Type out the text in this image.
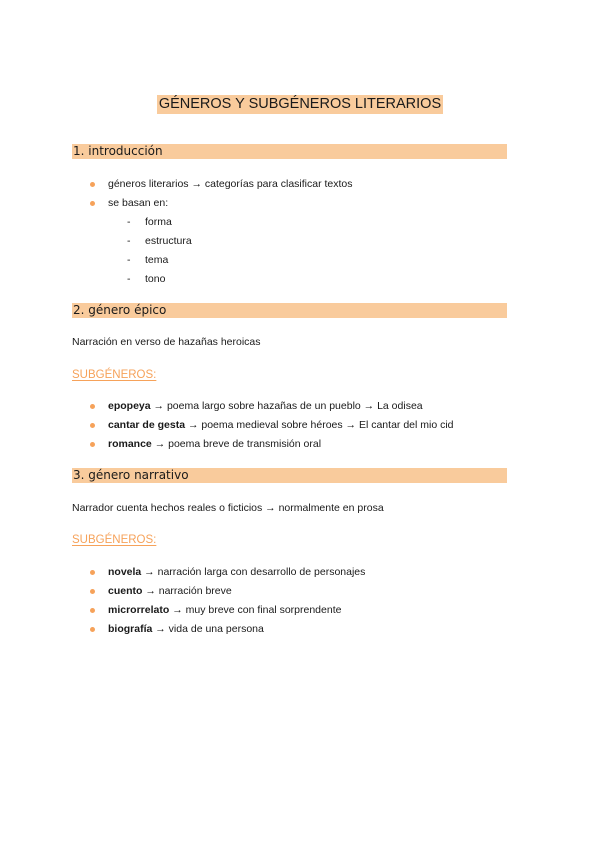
GÉNEROS Y SUBGÉNEROS LITERARIOS
1. introducción
géneros literarios → categorías para clasificar textos
se basan en:
- forma
- estructura
- tema
- tono
2. género épico
Narración en verso de hazañas heroicas
SUBGÉNEROS:
epopeya → poema largo sobre hazañas de un pueblo → La odisea
cantar de gesta → poema medieval sobre héroes → El cantar del mio cid
romance → poema breve de transmisión oral
3. género narrativo
Narrador cuenta hechos reales o ficticios → normalmente en prosa
SUBGÉNEROS:
novela → narración larga con desarrollo de personajes
cuento → narración breve
microrrelato → muy breve con final sorprendente
biografía → vida de una persona
